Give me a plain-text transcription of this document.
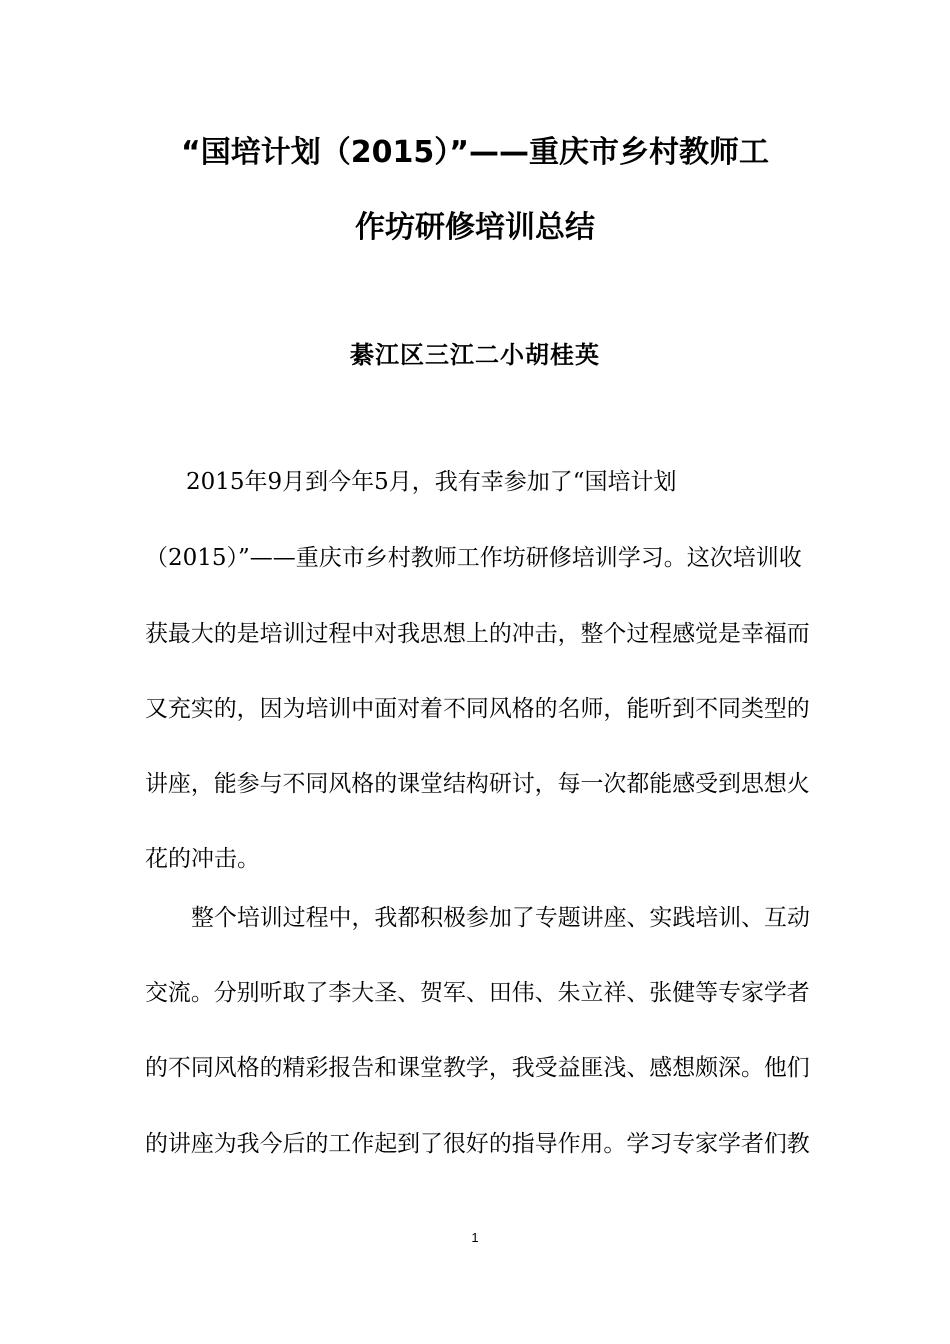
“国培计划（2015）”——重庆市乡村教师工
作坊研修培训总结
綦江区三江二小胡桂英
2015年9月到今年5月，我有幸参加了“国培计划
（2015）”——重庆市乡村教师工作坊研修培训学习。这次培训收
获最大的是培训过程中对我思想上的冲击，整个过程感觉是幸福而
又充实的，因为培训中面对着不同风格的名师，能听到不同类型的
讲座，能参与不同风格的课堂结构研讨，每一次都能感受到思想火
花的冲击。
整个培训过程中，我都积极参加了专题讲座、实践培训、互动
交流。分别听取了李大圣、贺军、田伟、朱立祥、张健等专家学者
的不同风格的精彩报告和课堂教学，我受益匪浅、感想颇深。他们
的讲座为我今后的工作起到了很好的指导作用。学习专家学者们教
1
